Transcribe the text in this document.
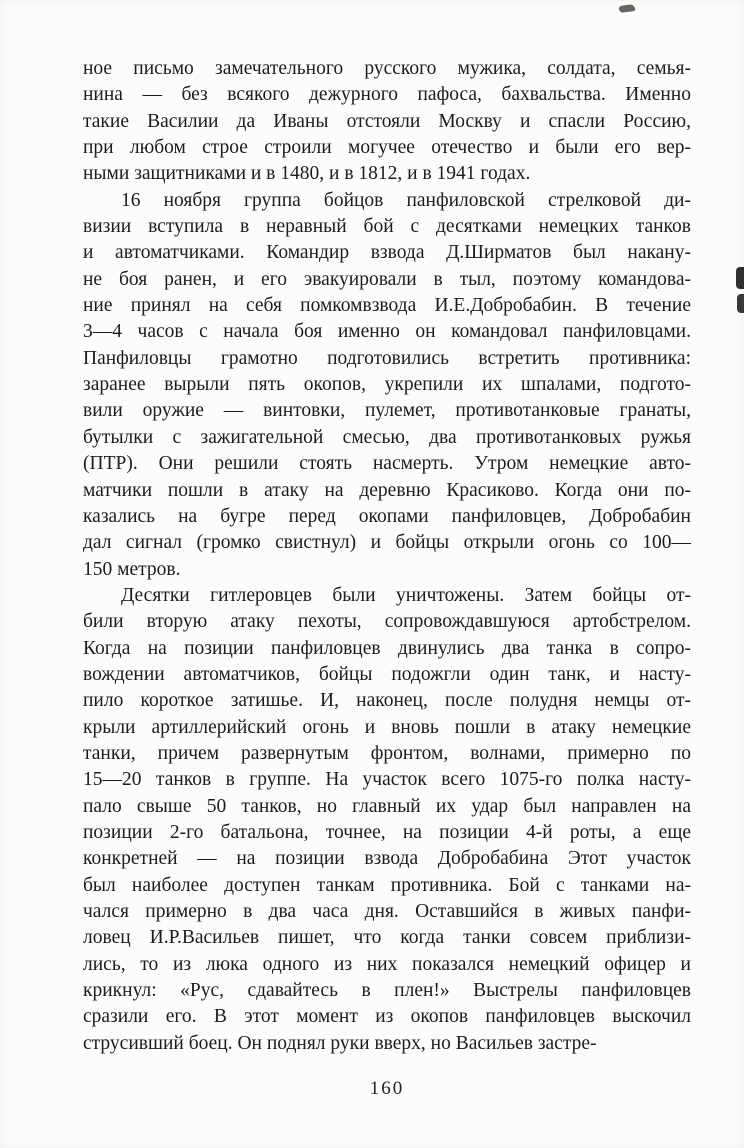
ное письмо замечательного русского мужика, солдата, семья-
нина — без всякого дежурного пафоса, бахвальства. Именно
такие Василии да Иваны отстояли Москву и спасли Россию,
при любом строе строили могучее отечество и были его вер-
ными защитниками и в 1480, и в 1812, и в 1941 годах.
16 ноября группа бойцов панфиловской стрелковой ди-
визии вступила в неравный бой с десятками немецких танков
и автоматчиками. Командир взвода Д.Ширматов был накану-
не боя ранен, и его эвакуировали в тыл, поэтому командова-
ние принял на себя помкомвзвода И.Е.Добробабин. В течение
3—4 часов с начала боя именно он командовал панфиловцами.
Панфиловцы грамотно подготовились встретить противника:
заранее вырыли пять окопов, укрепили их шпалами, подгото-
вили оружие — винтовки, пулемет, противотанковые гранаты,
бутылки с зажигательной смесью, два противотанковых ружья
(ПТР). Они решили стоять насмерть. Утром немецкие авто-
матчики пошли в атаку на деревню Красиково. Когда они по-
казались на бугре перед окопами панфиловцев, Добробабин
дал сигнал (громко свистнул) и бойцы открыли огонь со 100—
150 метров.
Десятки гитлеровцев были уничтожены. Затем бойцы от-
били вторую атаку пехоты, сопровождавшуюся артобстрелом.
Когда на позиции панфиловцев двинулись два танка в сопро-
вождении автоматчиков, бойцы подожгли один танк, и насту-
пило короткое затишье. И, наконец, после полудня немцы от-
крыли артиллерийский огонь и вновь пошли в атаку немецкие
танки, причем развернутым фронтом, волнами, примерно по
15—20 танков в группе. На участок всего 1075-го полка насту-
пало свыше 50 танков, но главный их удар был направлен на
позиции 2-го батальона, точнее, на позиции 4-й роты, а еще
конкретней — на позиции взвода Добробабина Этот участок
был наиболее доступен танкам противника. Бой с танками на-
чался примерно в два часа дня. Оставшийся в живых панфи-
ловец И.Р.Васильев пишет, что когда танки совсем приблизи-
лись, то из люка одного из них показался немецкий офицер и
крикнул: «Рус, сдавайтесь в плен!» Выстрелы панфиловцев
сразили его. В этот момент из окопов панфиловцев выскочил
струсивший боец. Он поднял руки вверх, но Васильев застре-
160
